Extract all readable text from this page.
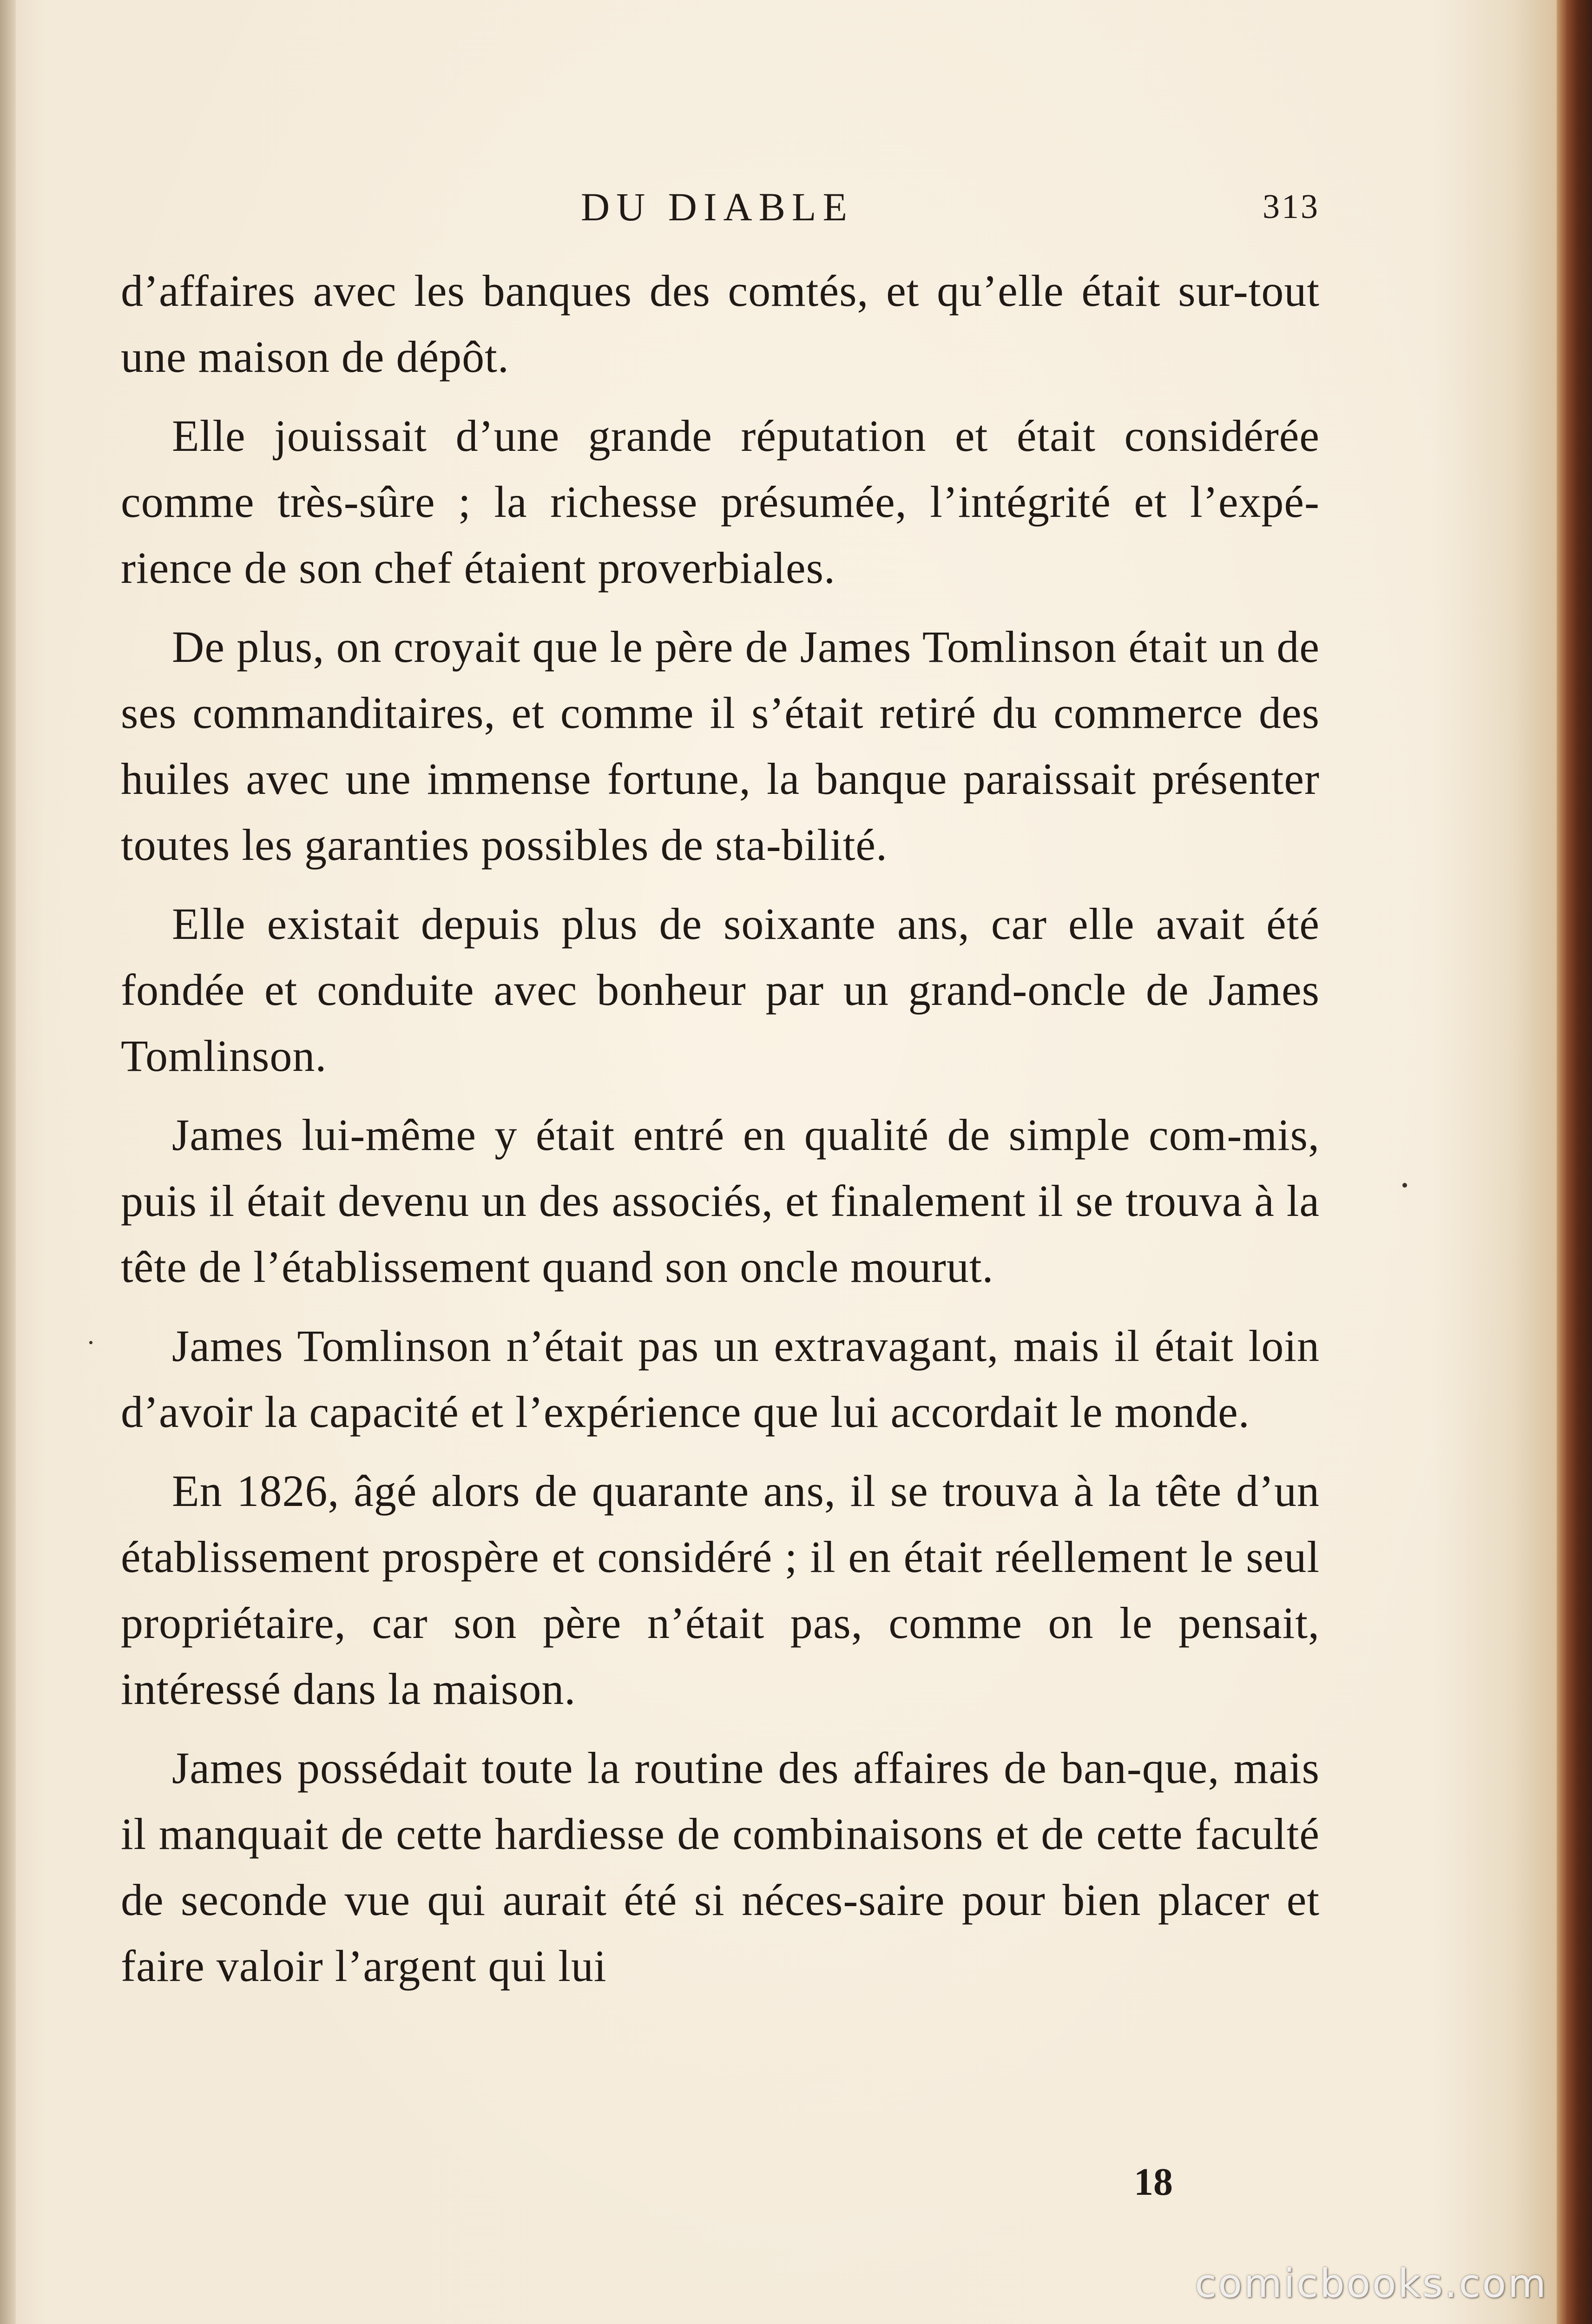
DU DIABLE	313

d’affaires avec les banques des comtés, et qu’elle était sur-tout une maison de dépôt.

Elle jouissait d’une grande réputation et était considérée comme très-sûre ; la richesse présumée, l’intégrité et l’expé-rience de son chef étaient proverbiales.

De plus, on croyait que le père de James Tomlinson était un de ses commanditaires, et comme il s’était retiré du commerce des huiles avec une immense fortune, la banque paraissait présenter toutes les garanties possibles de sta-bilité.

Elle existait depuis plus de soixante ans, car elle avait été fondée et conduite avec bonheur par un grand-oncle de James Tomlinson.

James lui-même y était entré en qualité de simple com-mis, puis il était devenu un des associés, et finalement il se trouva à la tête de l’établissement quand son oncle mourut.

James Tomlinson n’était pas un extravagant, mais il était loin d’avoir la capacité et l’expérience que lui accordait le monde.

En 1826, âgé alors de quarante ans, il se trouva à la tête d’un établissement prospère et considéré ; il en était réellement le seul propriétaire, car son père n’était pas, comme on le pensait, intéressé dans la maison.

James possédait toute la routine des affaires de ban-que, mais il manquait de cette hardiesse de combinaisons et de cette faculté de seconde vue qui aurait été si néces-saire pour bien placer et faire valoir l’argent qui lui

18
comicbooks.com
